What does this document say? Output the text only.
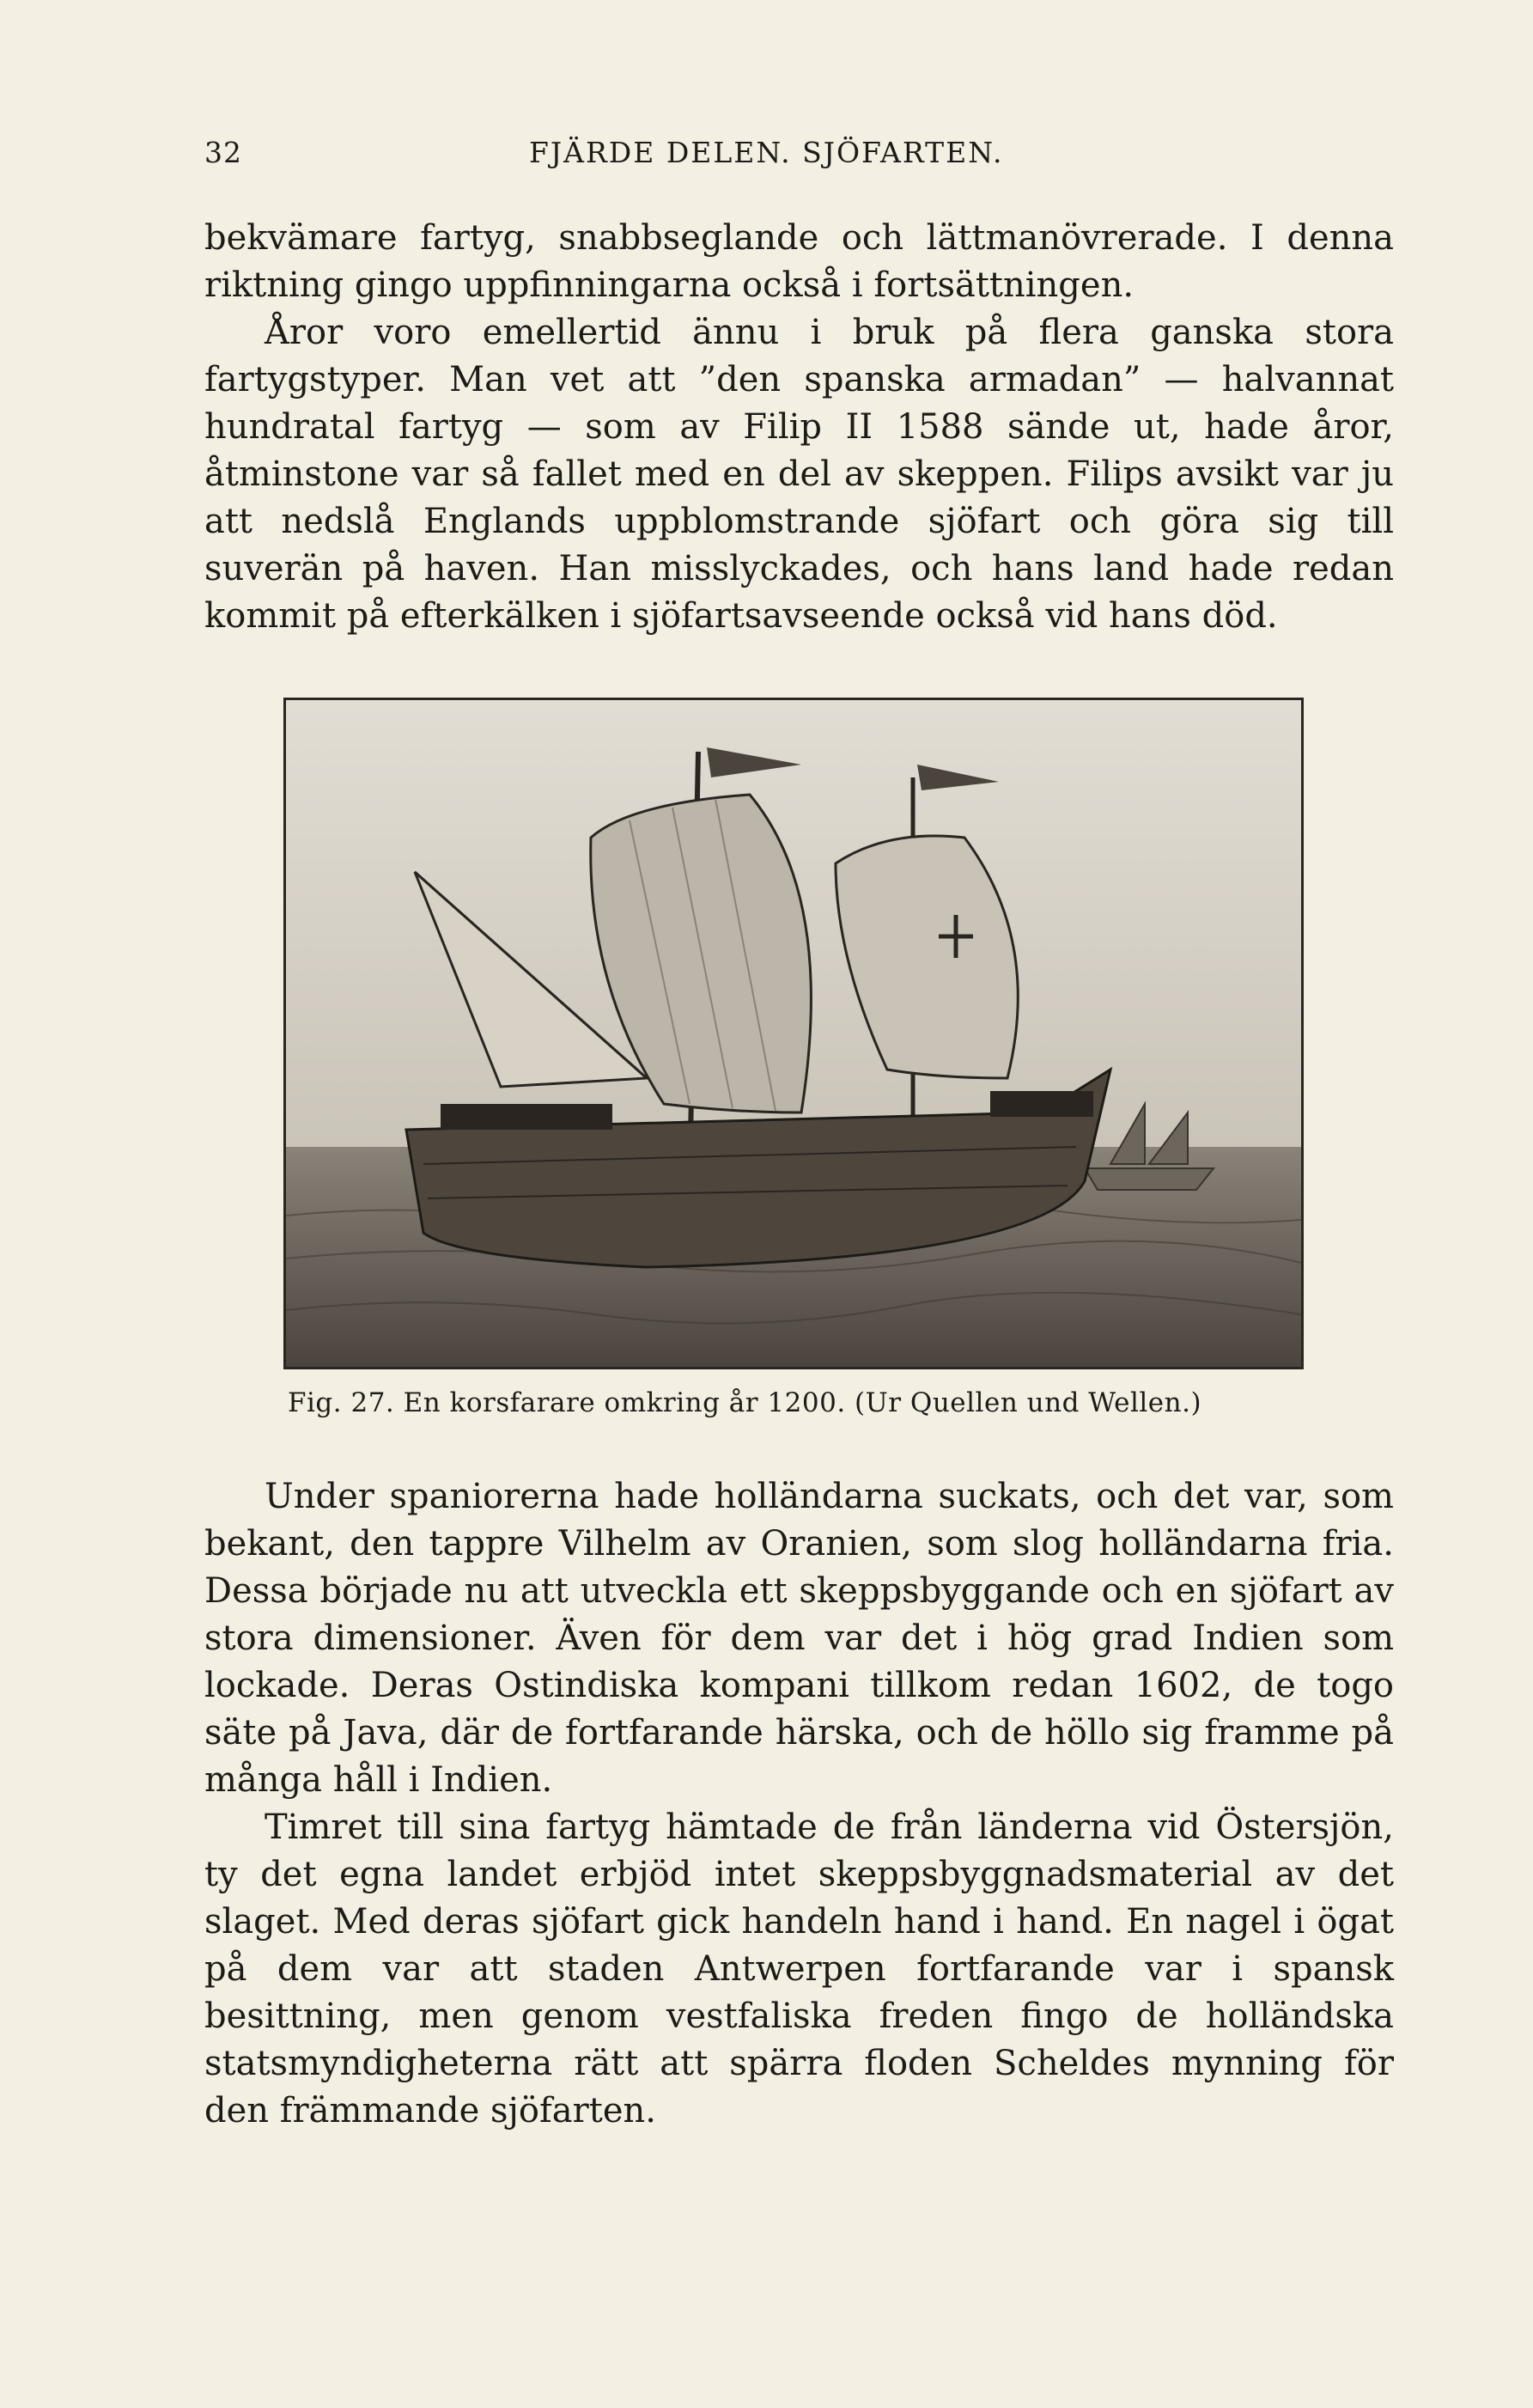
32	FJÄRDE DELEN. SJÖFARTEN.

bekvämare fartyg, snabbseglande och lättmanövrerade. I denna riktning gingo uppfinningarna också i fortsättningen.

Åror voro emellertid ännu i bruk på flera ganska stora fartygstyper. Man vet att ”den spanska armadan” — halvannat hundratal fartyg — som av Filip II 1588 sände ut, hade åror, åtminstone var så fallet med en del av skeppen. Filips avsikt var ju att nedslå Englands uppblomstrande sjöfart och göra sig till suverän på haven. Han misslyckades, och hans land hade redan kommit på efterkälken i sjöfartsavseende också vid hans död.

Fig. 27. En korsfarare omkring år 1200. (Ur Quellen und Wellen.)

Under spaniorerna hade holländarna suckats, och det var, som bekant, den tappre Vilhelm av Oranien, som slog holländarna fria. Dessa började nu att utveckla ett skeppsbyggande och en sjöfart av stora dimensioner. Även för dem var det i hög grad Indien som lockade. Deras Ostindiska kompani tillkom redan 1602, de togo säte på Java, där de fortfarande härska, och de höllo sig framme på många håll i Indien.

Timret till sina fartyg hämtade de från länderna vid Östersjön, ty det egna landet erbjöd intet skeppsbyggnadsmaterial av det slaget. Med deras sjöfart gick handeln hand i hand. En nagel i ögat på dem var att staden Antwerpen fortfarande var i spansk besittning, men genom vestfaliska freden fingo de holländska statsmyndigheterna rätt att spärra floden Scheldes mynning för den främmande sjöfarten.
